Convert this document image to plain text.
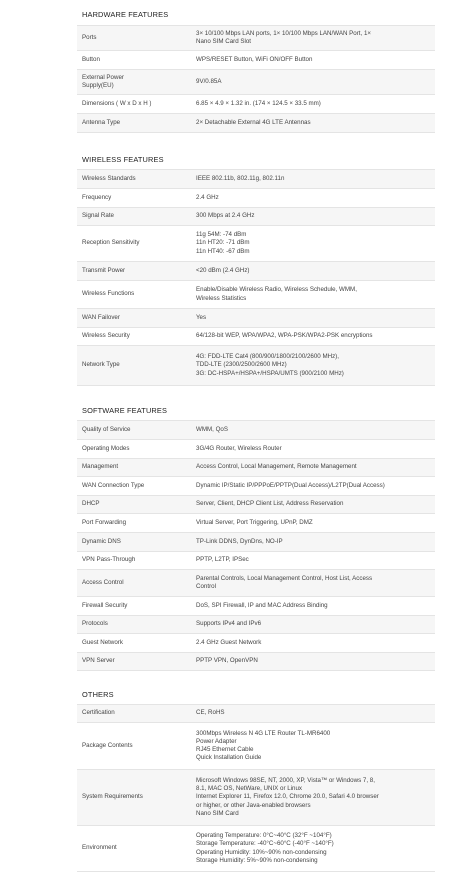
HARDWARE FEATURES
Ports	3× 10/100 Mbps LAN ports, 1× 10/100 Mbps LAN/WAN Port, 1×
Nano SIM Card Slot

Button	WPS/RESET Button, WiFi ON/OFF Button

External Power
Supply(EU)	9V/0.85A

Dimensions ( W x D x H )	6.85 × 4.9 × 1.32 in. (174 × 124.5 × 33.5 mm)

Antenna Type	2× Detachable External 4G LTE Antennas
WIRELESS FEATURES
Wireless Standards	IEEE 802.11b, 802.11g, 802.11n

Frequency	2.4 GHz

Signal Rate	300 Mbps at 2.4 GHz

Reception Sensitivity	11g 54M: -74 dBm
11n HT20: -71 dBm
11n HT40: -67 dBm

Transmit Power	<20 dBm (2.4 GHz)

Wireless Functions	Enable/Disable Wireless Radio, Wireless Schedule, WMM,
Wireless Statistics

WAN Failover	Yes

Wireless Security	64/128-bit WEP, WPA/WPA2, WPA-PSK/WPA2-PSK encryptions

Network Type	4G: FDD-LTE Cat4 (800/900/1800/2100/2600 MHz),
TDD-LTE (2300/2500/2600 MHz)
3G: DC-HSPA+/HSPA+/HSPA/UMTS (900/2100 MHz)
SOFTWARE FEATURES
Quality of Service	WMM, QoS

Operating Modes	3G/4G Router, Wireless Router

Management	Access Control, Local Management, Remote Management

WAN Connection Type	Dynamic IP/Static IP/PPPoE/PPTP(Dual Access)/L2TP(Dual Access)

DHCP	Server, Client, DHCP Client List, Address Reservation

Port Forwarding	Virtual Server, Port Triggering, UPnP, DMZ

Dynamic DNS	TP-Link DDNS, DynDns, NO-IP

VPN Pass-Through	PPTP, L2TP, IPSec

Access Control	Parental Controls, Local Management Control, Host List, Access
Control

Firewall Security	DoS, SPI Firewall, IP and MAC Address Binding

Protocols	Supports IPv4 and IPv6

Guest Network	2.4 GHz Guest Network

VPN Server	PPTP VPN, OpenVPN
OTHERS
Certification	CE, RoHS

Package Contents	300Mbps Wireless N 4G LTE Router TL-MR6400
Power Adapter
RJ45 Ethernet Cable
Quick Installation Guide

System Requirements	Microsoft Windows 98SE, NT, 2000, XP, Vista™ or Windows 7, 8,
8.1, MAC OS, NetWare, UNIX or Linux
Internet Explorer 11, Firefox 12.0, Chrome 20.0, Safari 4.0 browser
or higher, or other Java-enabled browsers
Nano SIM Card

Environment	Operating Temperature: 0°C~40°C (32°F ~104°F)
Storage Temperature: -40°C~60°C (-40°F ~140°F)
Operating Humidity: 10%~90% non-condensing
Storage Humidity: 5%~90% non-condensing
